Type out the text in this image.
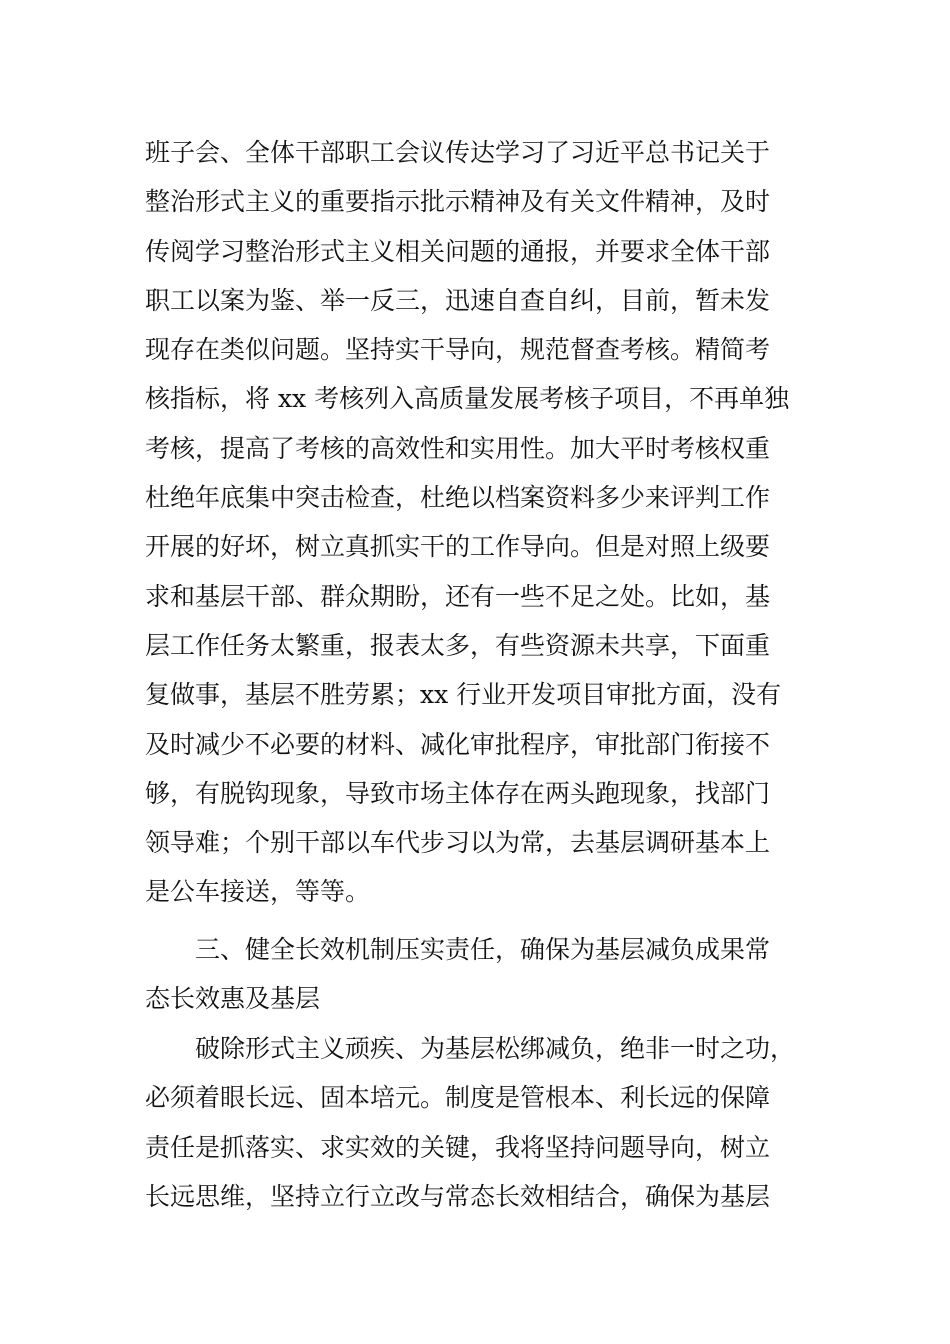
班子会、全体干部职工会议传达学习了习近平总书记关于
整治形式主义的重要指示批示精神及有关文件精神，及时
传阅学习整治形式主义相关问题的通报，并要求全体干部
职工以案为鉴、举一反三，迅速自查自纠，目前，暂未发
现存在类似问题。坚持实干导向，规范督查考核。精简考
核指标，将 xx 考核列入高质量发展考核子项目，不再单独
考核，提高了考核的高效性和实用性。加大平时考核权重
杜绝年底集中突击检查，杜绝以档案资料多少来评判工作
开展的好坏，树立真抓实干的工作导向。但是对照上级要
求和基层干部、群众期盼，还有一些不足之处。比如，基
层工作任务太繁重，报表太多，有些资源未共享，下面重
复做事，基层不胜劳累；xx 行业开发项目审批方面，没有
及时减少不必要的材料、减化审批程序，审批部门衔接不
够，有脱钩现象，导致市场主体存在两头跑现象，找部门
领导难；个别干部以车代步习以为常，去基层调研基本上
是公车接送，等等。
三、健全长效机制压实责任，确保为基层减负成果常
态长效惠及基层
破除形式主义顽疾、为基层松绑减负，绝非一时之功，
必须着眼长远、固本培元。制度是管根本、利长远的保障
责任是抓落实、求实效的关键，我将坚持问题导向，树立
长远思维，坚持立行立改与常态长效相结合，确保为基层
